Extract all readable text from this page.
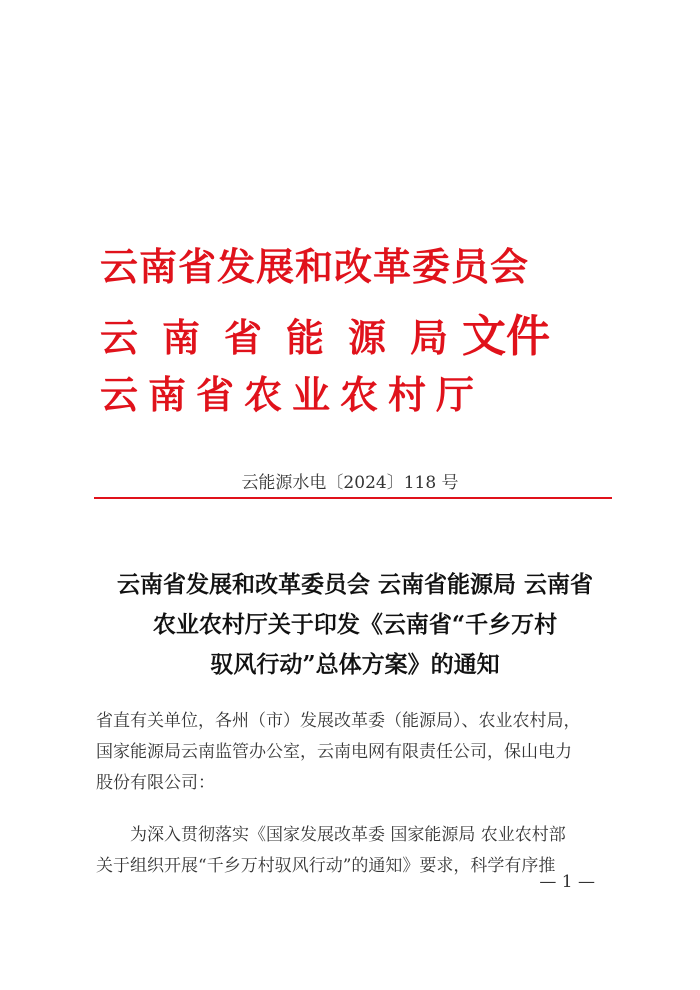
云南省发展和改革委员会
云南省能源局文件
云南省农业农村厅
云能源水电〔2024〕118 号
云南省发展和改革委员会 云南省能源局 云南省
农业农村厅关于印发《云南省“千乡万村
驭风行动”总体方案》的通知
省直有关单位，各州（市）发展改革委（能源局）、农业农村局，
国家能源局云南监管办公室，云南电网有限责任公司，保山电力
股份有限公司：
为深入贯彻落实《国家发展改革委 国家能源局 农业农村部
关于组织开展“千乡万村驭风行动”的通知》要求，科学有序推
— 1 —
